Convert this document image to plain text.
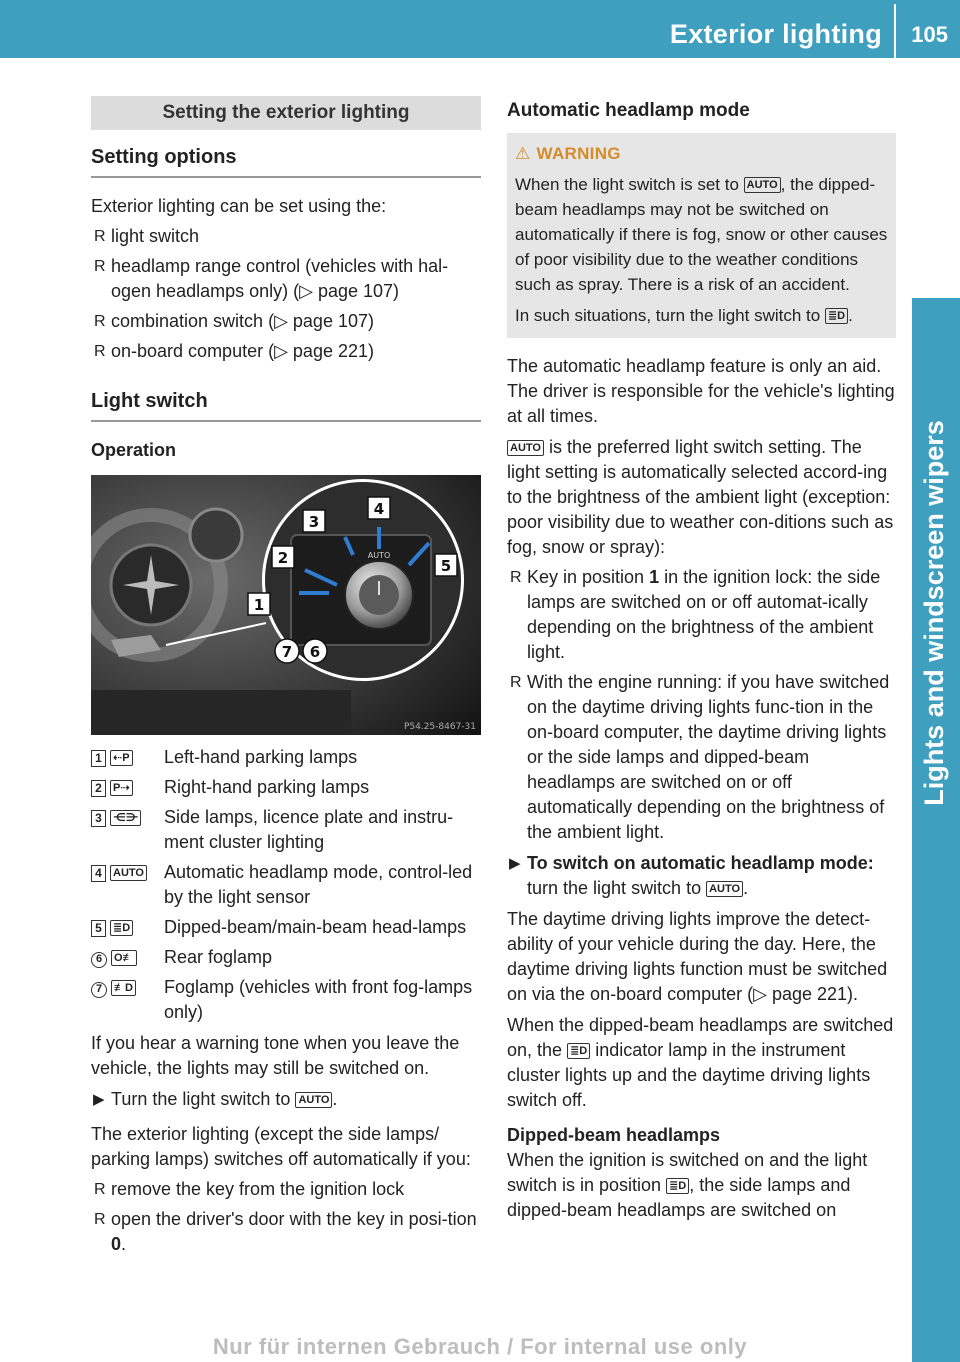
Exterior lighting 105
Lights and windscreen wipers
Setting the exterior lighting
Setting options

Exterior lighting can be set using the:

R light switch
R headlamp range control (vehicles with hal-ogen headlamps only) (▷ page 107)
R combination switch (▷ page 107)
R on-board computer (▷ page 221)
Light switch
Operation
AUTO
1
2
3
4
5
6
7
P54.25-8467-31
1 ⇠P	Left-hand parking lamps
2 P⇢	Right-hand parking lamps
3 ⋲⋺	Side lamps, licence plate and instru-ment cluster lighting
4 AUTO	Automatic headlamp mode, control-led by the light sensor
5 ≣D	Dipped-beam/main-beam head-lamps
6 O≢	Rear foglamp
7 ≢D	Foglamp (vehicles with front fog-lamps only)

If you hear a warning tone when you leave the vehicle, the lights may still be switched on.

▶ Turn the light switch to AUTO .

The exterior lighting (except the side lamps/ parking lamps) switches off automatically if you:

R remove the key from the ignition lock
R open the driver's door with the key in posi-tion 0.
Automatic headlamp mode
⚠ WARNING

When the light switch is set to AUTO , the dipped-beam headlamps may not be switched on automatically if there is fog, snow or other causes of poor visibility due to the weather conditions such as spray. There is a risk of an accident.

In such situations, turn the light switch to ≣D .

The automatic headlamp feature is only an aid. The driver is responsible for the vehicle's lighting at all times.

AUTO is the preferred light switch setting. The light setting is automatically selected accord-ing to the brightness of the ambient light (exception: poor visibility due to weather con-ditions such as fog, snow or spray):

R Key in position 1 in the ignition lock: the side lamps are switched on or off automat-ically depending on the brightness of the ambient light.
R With the engine running: if you have switched on the daytime driving lights func-tion in the on-board computer, the daytime driving lights or the side lamps and dipped-beam headlamps are switched on or off automatically depending on the brightness of the ambient light.
▶ To switch on automatic headlamp mode: turn the light switch to AUTO .

The daytime driving lights improve the detect-ability of your vehicle during the day. Here, the daytime driving lights function must be switched on via the on-board computer (▷ page 221).

When the dipped-beam headlamps are switched on, the ≣D indicator lamp in the instrument cluster lights up and the daytime driving lights switch off.

Dipped-beam headlamps

When the ignition is switched on and the light switch is in position ≣D , the side lamps and dipped-beam headlamps are switched on

Nur für internen Gebrauch / For internal use only
